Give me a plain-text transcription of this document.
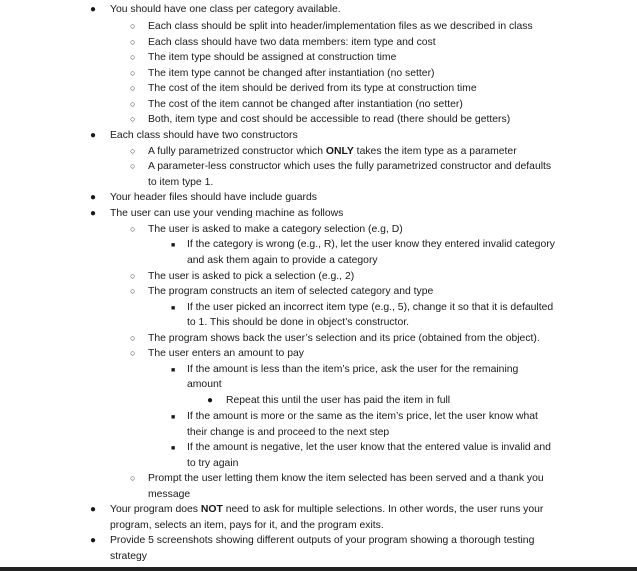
● You should have one class per category available.
○ Each class should be split into header/implementation files as we described in class
○ Each class should have two data members: item type and cost
○ The item type should be assigned at construction time
○ The item type cannot be changed after instantiation (no setter)
○ The cost of the item should be derived from its type at construction time
○ The cost of the item cannot be changed after instantiation (no setter)
○ Both, item type and cost should be accessible to read (there should be getters)
● Each class should have two constructors
○ A fully parametrized constructor which ONLY takes the item type as a parameter
○ A parameter-less constructor which uses the fully parametrized constructor and defaults
to item type 1.
● Your header files should have include guards
● The user can use your vending machine as follows
○ The user is asked to make a category selection (e.g, D)
■ If the category is wrong (e.g., R), let the user know they entered invalid category
and ask them again to provide a category
○ The user is asked to pick a selection (e.g., 2)
○ The program constructs an item of selected category and type
■ If the user picked an incorrect item type (e.g., 5), change it so that it is defaulted
to 1. This should be done in object’s constructor.
○ The program shows back the user’s selection and its price (obtained from the object).
○ The user enters an amount to pay
■ If the amount is less than the item’s price, ask the user for the remaining
amount
● Repeat this until the user has paid the item in full
■ If the amount is more or the same as the item’s price, let the user know what
their change is and proceed to the next step
■ If the amount is negative, let the user know that the entered value is invalid and
to try again
○ Prompt the user letting them know the item selected has been served and a thank you
message
● Your program does NOT need to ask for multiple selections. In other words, the user runs your
program, selects an item, pays for it, and the program exits.
● Provide 5 screenshots showing different outputs of your program showing a thorough testing
strategy
